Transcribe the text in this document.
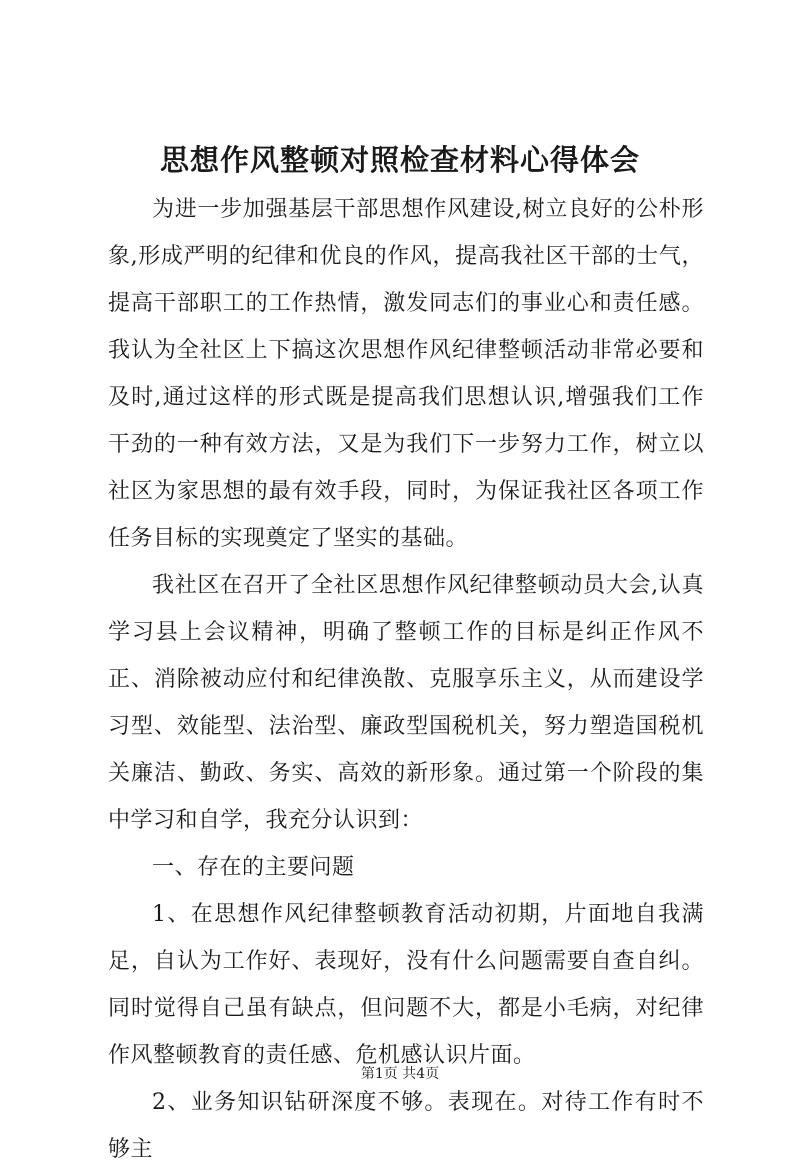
思想作风整顿对照检查材料心得体会

为进一步加强基层干部思想作风建设,树立良好的公朴形象,形成严明的纪律和优良的作风，提高我社区干部的士气，提高干部职工的工作热情，激发同志们的事业心和责任感。我认为全社区上下搞这次思想作风纪律整顿活动非常必要和及时,通过这样的形式既是提高我们思想认识,增强我们工作干劲的一种有效方法，又是为我们下一步努力工作，树立以社区为家思想的最有效手段，同时，为保证我社区各项工作任务目标的实现奠定了坚实的基础。

我社区在召开了全社区思想作风纪律整顿动员大会,认真学习县上会议精神，明确了整顿工作的目标是纠正作风不正、消除被动应付和纪律涣散、克服享乐主义，从而建设学习型、效能型、法治型、廉政型国税机关，努力塑造国税机关廉洁、勤政、务实、高效的新形象。通过第一个阶段的集中学习和自学，我充分认识到：

一、存在的主要问题

1、在思想作风纪律整顿教育活动初期，片面地自我满足，自认为工作好、表现好，没有什么问题需要自查自纠。同时觉得自己虽有缺点，但问题不大，都是小毛病，对纪律作风整顿教育的责任感、危机感认识片面。

2、业务知识钻研深度不够。表现在。对待工作有时不够主

第1页 共4页
